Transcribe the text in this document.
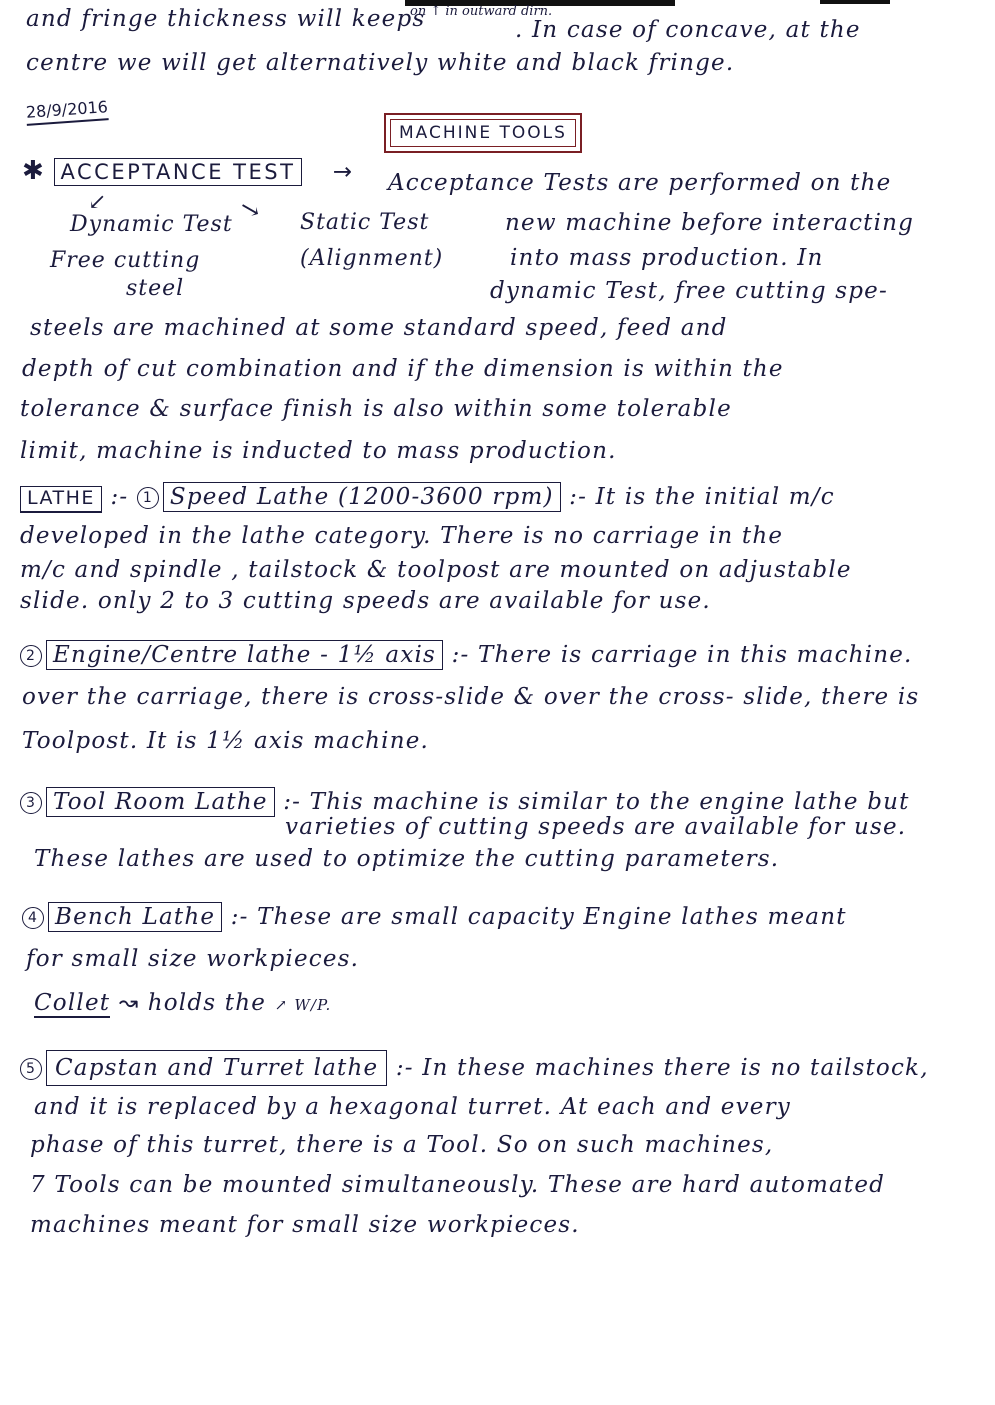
and fringe thickness will keeps
on ↑ in outward dirn.
. In case of concave, at the
centre we will get alternatively white and black fringe.
28/9/2016
MACHINE TOOLS
✱ ACCEPTANCE TEST → Acceptance Tests are performed on the
↙	↘
Dynamic Test
Free cutting
steel
Static Test
(Alignment)
new machine before interacting
into mass production. In
dynamic Test, free cutting spe-
steels are machined at some standard speed, feed and
depth of cut combination and if the dimension is within the
tolerance & surface finish is also within some tolerable
limit, machine is inducted to mass production.
LATHE :- 1 Speed Lathe (1200-3600 rpm) :- It is the initial m/c
developed in the lathe category. There is no carriage in the
m/c and spindle , tailstock & toolpost are mounted on adjustable
slide. only 2 to 3 cutting speeds are available for use.
2 Engine/Centre lathe - 1½ axis :- There is carriage in this machine.
over the carriage, there is cross-slide & over the cross- slide, there is
Toolpost. It is 1½ axis machine.
3 Tool Room Lathe :- This machine is similar to the engine lathe but
varieties of cutting speeds are available for use.
These lathes are used to optimize the cutting parameters.
4 Bench Lathe :- These are small capacity Engine lathes meant
for small size workpieces.
Collet ↝ holds the ↗ W/P.
5 Capstan and Turret lathe :- In these machines there is no tailstock,
and it is replaced by a hexagonal turret. At each and every
phase of this turret, there is a Tool. So on such machines,
7 Tools can be mounted simultaneously. These are hard automated
machines meant for small size workpieces.
